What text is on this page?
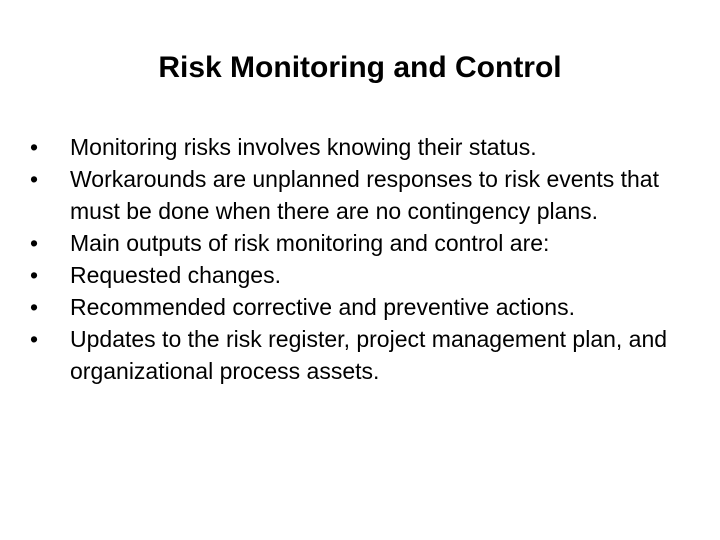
Risk Monitoring and Control
•	Monitoring risks involves knowing their status.
•	Workarounds are unplanned responses to risk events that must be done when there are no contingency plans.
•	Main outputs of risk monitoring and control are:
•	Requested changes.
•	Recommended corrective and preventive actions.
•	Updates to the risk register, project management plan, and organizational process assets.
